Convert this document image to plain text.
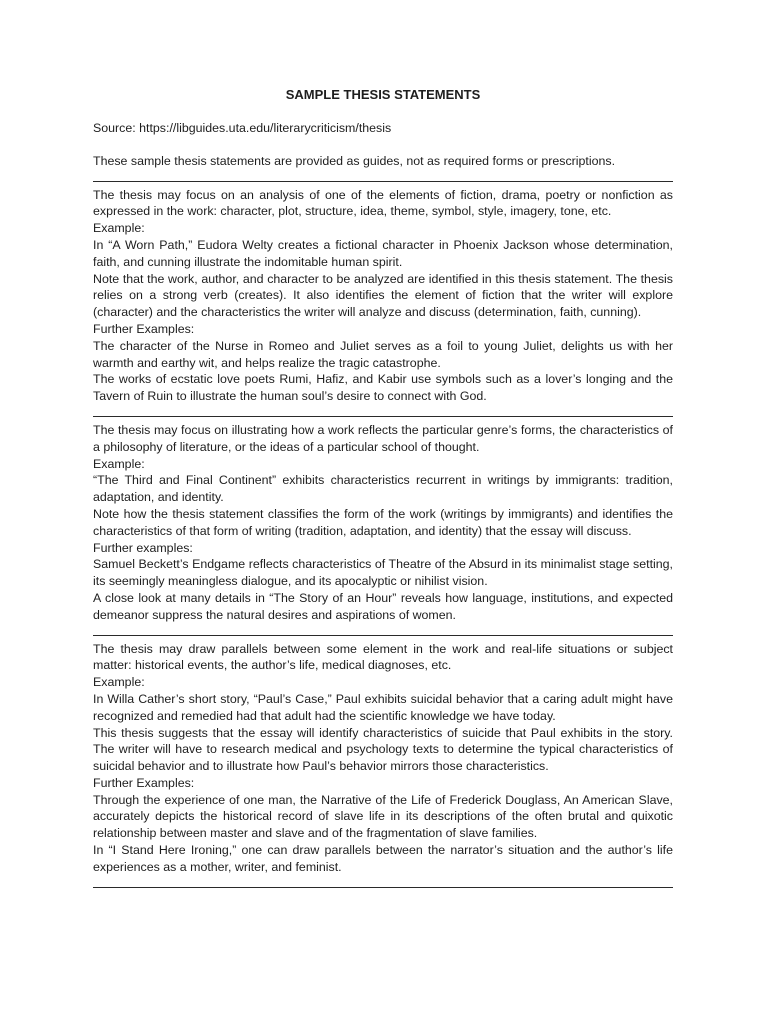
SAMPLE THESIS STATEMENTS
Source: https://libguides.uta.edu/literarycriticism/thesis
These sample thesis statements are provided as guides, not as required forms or prescriptions.

The thesis may focus on an analysis of one of the elements of fiction, drama, poetry or nonfiction as expressed in the work: character, plot, structure, idea, theme, symbol, style, imagery, tone, etc.

Example:

In “A Worn Path,” Eudora Welty creates a fictional character in Phoenix Jackson whose determination, faith, and cunning illustrate the indomitable human spirit.

Note that the work, author, and character to be analyzed are identified in this thesis statement. The thesis relies on a strong verb (creates). It also identifies the element of fiction that the writer will explore (character) and the characteristics the writer will analyze and discuss (determination, faith, cunning).

Further Examples:

The character of the Nurse in Romeo and Juliet serves as a foil to young Juliet, delights us with her warmth and earthy wit, and helps realize the tragic catastrophe.

The works of ecstatic love poets Rumi, Hafiz, and Kabir use symbols such as a lover’s longing and the Tavern of Ruin to illustrate the human soul’s desire to connect with God.

The thesis may focus on illustrating how a work reflects the particular genre’s forms, the characteristics of a philosophy of literature, or the ideas of a particular school of thought.

Example:

“The Third and Final Continent” exhibits characteristics recurrent in writings by immigrants: tradition, adaptation, and identity.

Note how the thesis statement classifies the form of the work (writings by immigrants) and identifies the characteristics of that form of writing (tradition, adaptation, and identity) that the essay will discuss.

Further examples:

Samuel Beckett’s Endgame reflects characteristics of Theatre of the Absurd in its minimalist stage setting, its seemingly meaningless dialogue, and its apocalyptic or nihilist vision.

A close look at many details in “The Story of an Hour” reveals how language, institutions, and expected demeanor suppress the natural desires and aspirations of women.

The thesis may draw parallels between some element in the work and real-life situations or subject matter: historical events, the author’s life, medical diagnoses, etc.

Example:

In Willa Cather’s short story, “Paul’s Case,” Paul exhibits suicidal behavior that a caring adult might have recognized and remedied had that adult had the scientific knowledge we have today.

This thesis suggests that the essay will identify characteristics of suicide that Paul exhibits in the story. The writer will have to research medical and psychology texts to determine the typical characteristics of suicidal behavior and to illustrate how Paul’s behavior mirrors those characteristics.

Further Examples:

Through the experience of one man, the Narrative of the Life of Frederick Douglass, An American Slave, accurately depicts the historical record of slave life in its descriptions of the often brutal and quixotic relationship between master and slave and of the fragmentation of slave families.

In “I Stand Here Ironing,” one can draw parallels between the narrator’s situation and the author’s life experiences as a mother, writer, and feminist.
